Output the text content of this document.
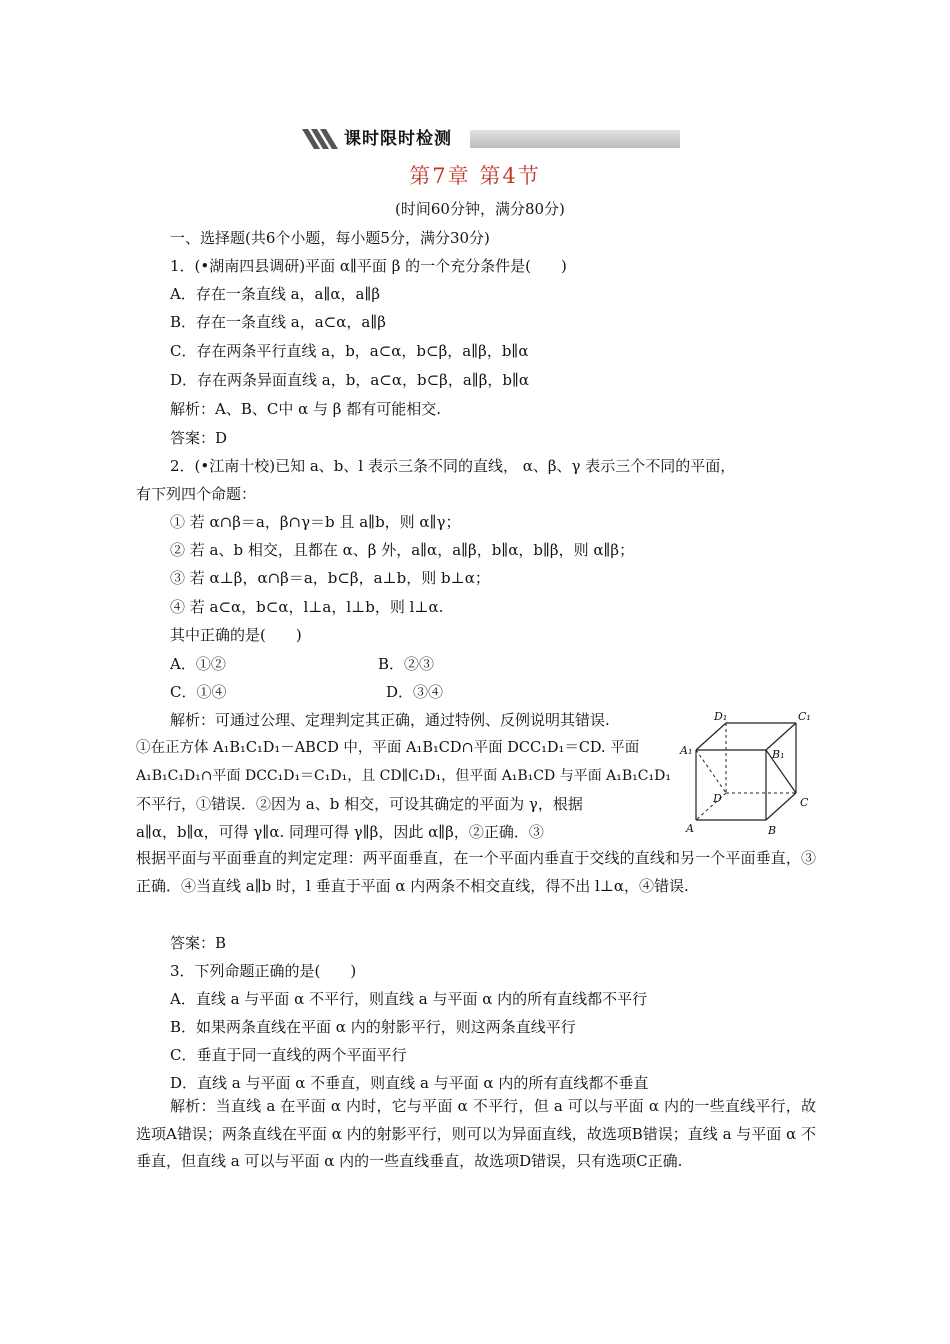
课时限时检测
第7章 第4节
(时间60分钟，满分80分)
一、选择题(共6个小题，每小题5分，满分30分)
1．(•湖南四县调研)平面 α∥平面 β 的一个充分条件是(　　)
A．存在一条直线 a，a∥α，a∥β
B．存在一条直线 a，a⊂α，a∥β
C．存在两条平行直线 a，b，a⊂α，b⊂β，a∥β，b∥α
D．存在两条异面直线 a，b，a⊂α，b⊂β，a∥β，b∥α
解析：A、B、C中 α 与 β 都有可能相交.
答案：D
2．(•江南十校)已知 a、b、l 表示三条不同的直线， α、β、γ 表示三个不同的平面，
有下列四个命题：
① 若 α∩β＝a，β∩γ＝b 且 a∥b，则 α∥γ；
② 若 a、b 相交，且都在 α、β 外，a∥α，a∥β，b∥α，b∥β，则 α∥β；
③ 若 α⊥β，α∩β＝a，b⊂β，a⊥b，则 b⊥α；
④ 若 a⊂α，b⊂α，l⊥a，l⊥b，则 l⊥α.
其中正确的是(　　)
A．①②	B．②③
C．①④	D．③④
解析：可通过公理、定理判定其正确，通过特例、反例说明其错误.
①在正方体 A₁B₁C₁D₁－ABCD 中，平面 A₁B₁CD∩平面 DCC₁D₁＝CD. 平面
A₁B₁C₁D₁∩平面 DCC₁D₁＝C₁D₁，且 CD∥C₁D₁，但平面 A₁B₁CD 与平面 A₁B₁C₁D₁
不平行，①错误．②因为 a、b 相交，可设其确定的平面为 γ，根据
a∥α，b∥α，可得 γ∥α. 同理可得 γ∥β，因此 α∥β，②正确．③
根据平面与平面垂直的判定定理：两平面垂直，在一个平面内垂直于交线的直线和另一个平面垂直，③正确．④当直线 a∥b 时，l 垂直于平面 α 内两条不相交直线，得不出 l⊥α，④错误.
答案：B
D₁	C₁
A₁	B₁
D	C
A	B
3．下列命题正确的是(　　)
A．直线 a 与平面 α 不平行，则直线 a 与平面 α 内的所有直线都不平行
B．如果两条直线在平面 α 内的射影平行，则这两条直线平行
C．垂直于同一直线的两个平面平行
D．直线 a 与平面 α 不垂直，则直线 a 与平面 α 内的所有直线都不垂直
解析：当直线 a 在平面 α 内时，它与平面 α 不平行，但 a 可以与平面 α 内的一些直线平行，故选项A错误；两条直线在平面 α 内的射影平行，则可以为异面直线，故选项B错误；直线 a 与平面 α 不垂直，但直线 a 可以与平面 α 内的一些直线垂直，故选项D错误，只有选项C正确.
